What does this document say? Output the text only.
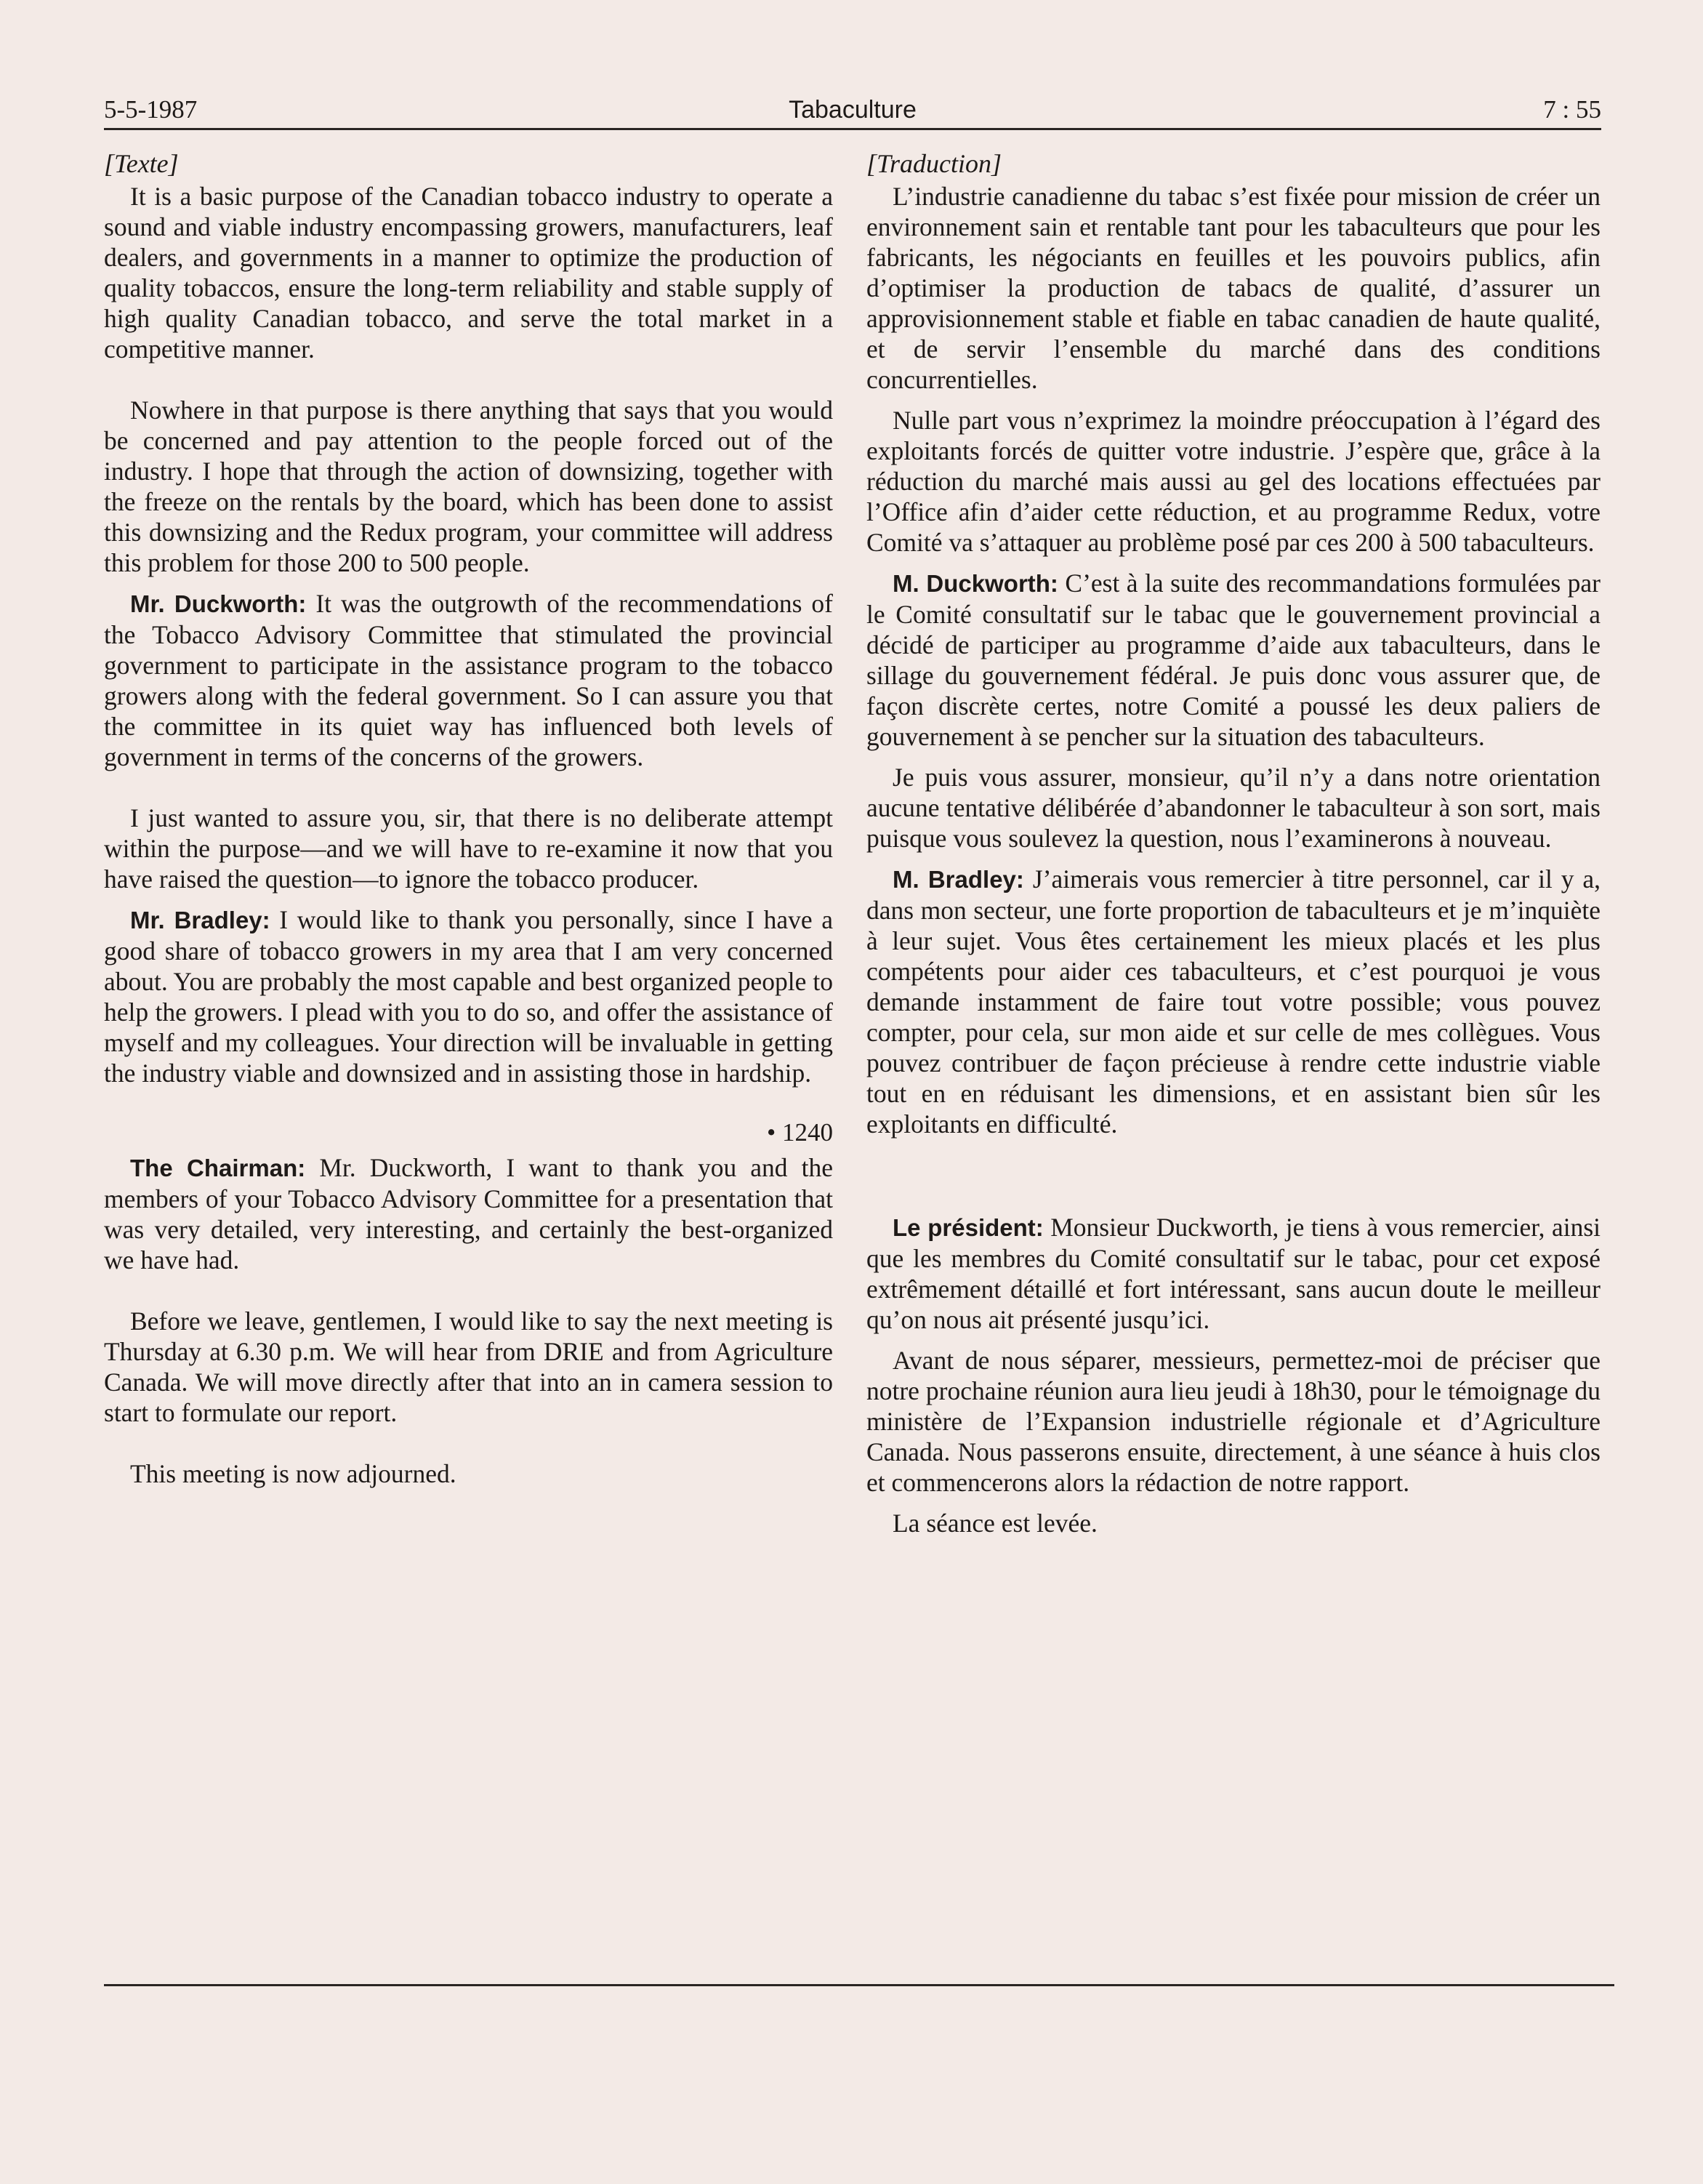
5-5-1987	Tabaculture	7 : 55
[Texte]

It is a basic purpose of the Canadian tobacco industry to operate a sound and viable industry encompassing growers, manufacturers, leaf dealers, and governments in a manner to optimize the production of quality tobaccos, ensure the long-term reliability and stable supply of high quality Canadian tobacco, and serve the total market in a competitive manner.

Nowhere in that purpose is there anything that says that you would be concerned and pay attention to the people forced out of the industry. I hope that through the action of downsizing, together with the freeze on the rentals by the board, which has been done to assist this downsizing and the Redux program, your committee will address this problem for those 200 to 500 people.

Mr. Duckworth: It was the outgrowth of the recommendations of the Tobacco Advisory Committee that stimulated the provincial government to participate in the assistance program to the tobacco growers along with the federal government. So I can assure you that the committee in its quiet way has influenced both levels of government in terms of the concerns of the growers.

I just wanted to assure you, sir, that there is no deliberate attempt within the purpose—and we will have to re-examine it now that you have raised the question—to ignore the tobacco producer.

Mr. Bradley: I would like to thank you personally, since I have a good share of tobacco growers in my area that I am very concerned about. You are probably the most capable and best organized people to help the growers. I plead with you to do so, and offer the assistance of myself and my colleagues. Your direction will be invaluable in getting the industry viable and downsized and in assisting those in hardship.

• 1240

The Chairman: Mr. Duckworth, I want to thank you and the members of your Tobacco Advisory Committee for a presentation that was very detailed, very interesting, and certainly the best-organized we have had.

Before we leave, gentlemen, I would like to say the next meeting is Thursday at 6.30 p.m. We will hear from DRIE and from Agriculture Canada. We will move directly after that into an in camera session to start to formulate our report.

This meeting is now adjourned.

[Traduction]

L’industrie canadienne du tabac s’est fixée pour mission de créer un environnement sain et rentable tant pour les tabaculteurs que pour les fabricants, les négociants en feuilles et les pouvoirs publics, afin d’optimiser la production de tabacs de qualité, d’assurer un approvisionnement stable et fiable en tabac canadien de haute qualité, et de servir l’ensemble du marché dans des conditions concurrentielles.

Nulle part vous n’exprimez la moindre préoccupation à l’égard des exploitants forcés de quitter votre industrie. J’espère que, grâce à la réduction du marché mais aussi au gel des locations effectuées par l’Office afin d’aider cette réduction, et au programme Redux, votre Comité va s’attaquer au problème posé par ces 200 à 500 tabaculteurs.

M. Duckworth: C’est à la suite des recommandations formulées par le Comité consultatif sur le tabac que le gouvernement provincial a décidé de participer au programme d’aide aux tabaculteurs, dans le sillage du gouvernement fédéral. Je puis donc vous assurer que, de façon discrète certes, notre Comité a poussé les deux paliers de gouvernement à se pencher sur la situation des tabaculteurs.

Je puis vous assurer, monsieur, qu’il n’y a dans notre orientation aucune tentative délibérée d’abandonner le tabaculteur à son sort, mais puisque vous soulevez la question, nous l’examinerons à nouveau.

M. Bradley: J’aimerais vous remercier à titre personnel, car il y a, dans mon secteur, une forte proportion de tabaculteurs et je m’inquiète à leur sujet. Vous êtes certainement les mieux placés et les plus compétents pour aider ces tabaculteurs, et c’est pourquoi je vous demande instamment de faire tout votre possible; vous pouvez compter, pour cela, sur mon aide et sur celle de mes collègues. Vous pouvez contribuer de façon précieuse à rendre cette industrie viable tout en en réduisant les dimensions, et en assistant bien sûr les exploitants en difficulté.

Le président: Monsieur Duckworth, je tiens à vous remercier, ainsi que les membres du Comité consultatif sur le tabac, pour cet exposé extrêmement détaillé et fort intéressant, sans aucun doute le meilleur qu’on nous ait présenté jusqu’ici.

Avant de nous séparer, messieurs, permettez-moi de préciser que notre prochaine réunion aura lieu jeudi à 18h30, pour le témoignage du ministère de l’Expansion industrielle régionale et d’Agriculture Canada. Nous passerons ensuite, directement, à une séance à huis clos et commencerons alors la rédaction de notre rapport.

La séance est levée.
